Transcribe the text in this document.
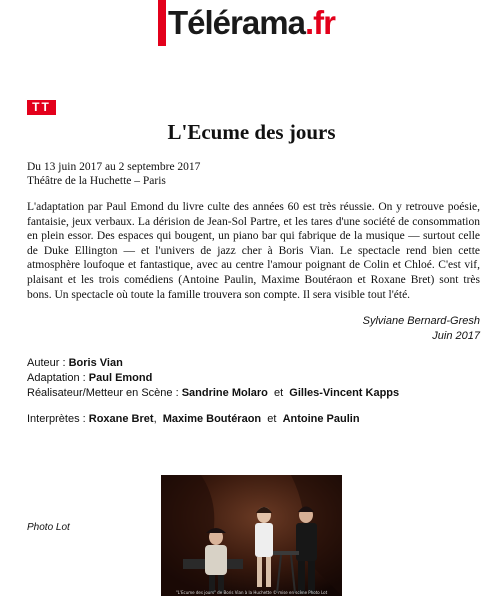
Télérama.fr
TT
L'Ecume des jours
Du 13 juin 2017 au 2 septembre 2017
Théâtre de la Huchette – Paris

L'adaptation par Paul Emond du livre culte des années 60 est très réussie. On y retrouve poésie, fantaisie, jeux verbaux. La dérision de Jean-Sol Partre, et les tares d'une société de consommation en plein essor. Des espaces qui bougent, un piano bar qui fabrique de la musique — surtout celle de Duke Ellington — et l'univers de jazz cher à Boris Vian. Le spectacle rend bien cette atmosphère loufoque et fantastique, avec au centre l'amour poignant de Colin et Chloé. C'est vif, plaisant et les trois comédiens (Antoine Paulin, Maxime Boutéraon et Roxane Bret) sont très bons. Un spectacle où toute la famille trouvera son compte. Il sera visible tout l'été.

Sylviane Bernard-Gresh
Juin 2017
Auteur : Boris Vian
Adaptation : Paul Emond
Réalisateur/Metteur en Scène : Sandrine Molaro  et  Gilles-Vincent Kapps
Interprètes : Roxane Bret,  Maxime Boutéraon  et  Antoine Paulin
Photo Lot
"L'Ecume des jours" de Boris Vian à la Huchette © mise en scène Photo Lot
